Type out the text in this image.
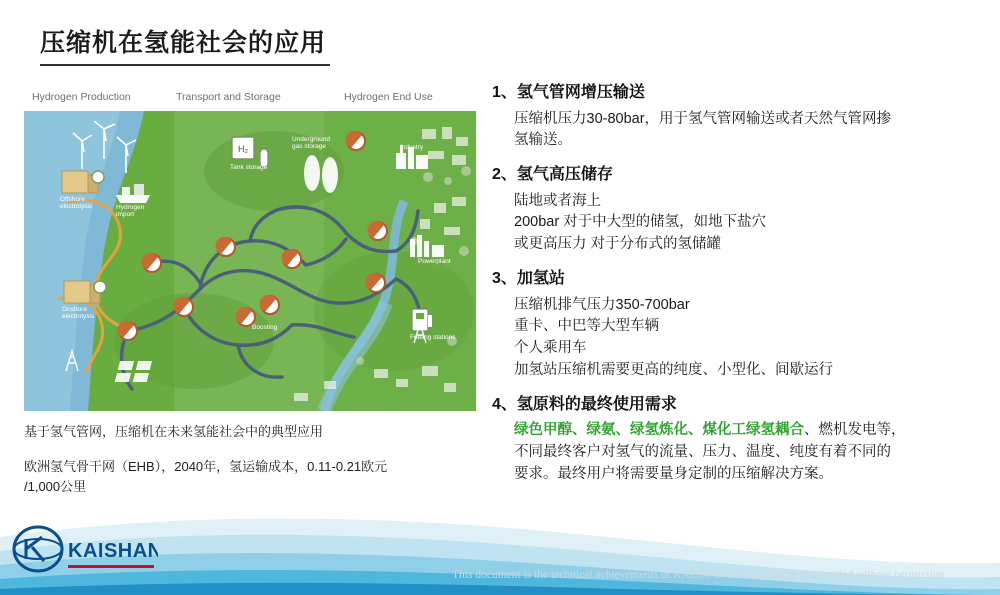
压缩机在氢能社会的应用
Hydrogen Production	Transport and Storage	Hydrogen End Use
H₂
Offshore
electrolysis	Hydrogen
import
Tank storage
Underground
gas storage	Industry
Powerplant
Boosting
Fueling stations
Onshore
electrolysis
基于氢气管网，压缩机在未来氢能社会中的典型应用
欧洲氢气骨干网（EHB），2040年，氢运输成本，0.11-0.21欧元
/1,000公里
1、氢气管网增压输送
压缩机压力30-80bar，用于氢气管网输送或者天然气管网掺
氢输送。
2、氢气高压储存
陆地或者海上
200bar 对于中大型的储氢，如地下盐穴
或更高压力 对于分布式的氢储罐
3、加氢站
压缩机排气压力350-700bar
重卡、中巴等大型车辆
个人乘用车
加氢站压缩机需要更高的纯度、小型化、间歇运行
4、氢原料的最终使用需求
绿色甲醇、绿氨、绿氢炼化、煤化工绿氢耦合、燃机发电等，
不同最终客户对氢气的流量、压力、温度、纯度有着不同的
要求。最终用户将需要量身定制的压缩解决方案。
KAISHAN
This document is the technical achievements of KAISHAN and may not be transmitted without permission
